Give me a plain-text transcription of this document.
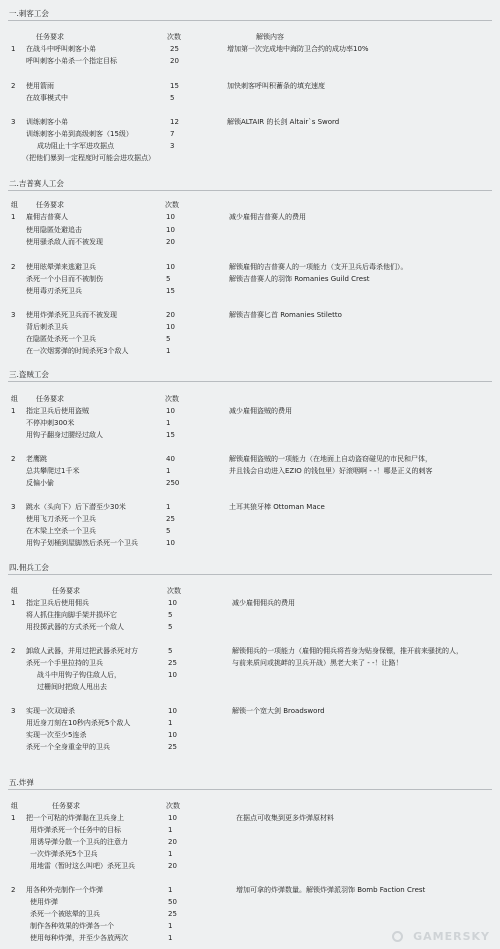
一.刺客工会
任务要求	次数	解锁内容
1 在战斗中呼叫刺客小弟	25	增加第一次完成地中海防卫合约的成功率10%
呼叫刺客小弟杀一个指定目标	20
2 使用箭雨	15	加快刺客呼叫积蓄条的填充速度
在故事模式中	5
3 训练刺客小弟	12	解锁ALTAIR 的长剑 Altair`s Sword
训练刺客小弟到高级刺客（15级）	7
成功阻止十字军进攻据点	3
（把他们暴到一定程度时可能会进攻据点）
二.吉普赛人工会
组	任务要求	次数
1 雇佣吉普赛人	10	减少雇佣吉普赛人的费用
使用隐匿处避追击	10
使用骚杀敌人而不被发现	20
2 使用眩晕弹来逃避卫兵	10	解锁雇佣的吉普赛人的一项能力（支开卫兵后毒杀他们）。
杀死一个小目而不被制伤	5	解锁吉普赛人的羽饰 Romanies Guild Crest
使用毒刃杀死卫兵	15
3 使用炸弹杀死卫兵而不被发现	20	解锁吉普赛匕首 Romanies Stiletto
背后刺杀卫兵	10
在隐匿处杀死一个卫兵	5
在一次烟雾弹的时间杀死3个敌人	1
三.盗贼工会
组	任务要求	次数
1 指定卫兵后使用盗贼	10	减少雇佣盗贼的费用
不停冲刺300米	1
用钩子翻身过腰经过敌人	15
2 老鹰跳	40	解锁雇佣盗贼的一项能力（在地面上自动盗窃碰见的市民和尸体，
总共攀爬过1千米	1	并且钱会自动进入EZIO 的钱包里）好滚咽啊 - -！哪是正义的刺客
反偏小偷	250
3 跳水（头向下）后下潜至少30米	1	土耳其狼牙棒 Ottoman Mace
使用飞刀杀死一个卫兵	25
在木梁上空杀一个卫兵	5
用钩子划桶到屋脚然后杀死一个卫兵	10
四.佣兵工会
组	任务要求	次数
1 指定卫兵后使用佣兵	10	减少雇佣佣兵的费用
将人抓住推向脚手架并损坏它	5
用投掷武器的方式杀死一个敌人	5
2 卸敌人武器，并用过把武器杀死对方	5	解锁佣兵的一项能力（雇佣的佣兵将苔身为贴身保镖，推开前来骚扰的人，
杀死一个手里拉持的卫兵	25	与前来质问或挑衅的卫兵开战）黑老大来了 - -！让路！
战斗中用钩子钩住敌人后，	10
过栅间时把敌人甩出去
3 实现一次双暗杀	10	解锁一个宽大剑 Broadsword
用近身刀刻在10秒内杀死5个敌人	1
实现一次至少5连杀	10
杀死一个全身重金甲的卫兵	25
五.炸弹
组	任务要求	次数
1 把一个可粘的炸弹黏在卫兵身上	10	在据点可收集到更多炸弹原材料
用炸弹杀死一个任务中的目标	1
用诱导弹分散一个卫兵的注意力	20
一次炸弹杀死5个卫兵	1
用地雷（暂时这么叫吧）杀死卫兵	20
2 用各种外壳制作一个炸弹	1	增加可拿的炸弹数量。解锁炸弹派羽饰 Bomb Faction Crest
使用炸弹	50
杀死一个被眩晕的卫兵	25
制作各种效果的炸弹各一个	1
使用每种炸弹，并至少各放两次	1	GAMERSKY
